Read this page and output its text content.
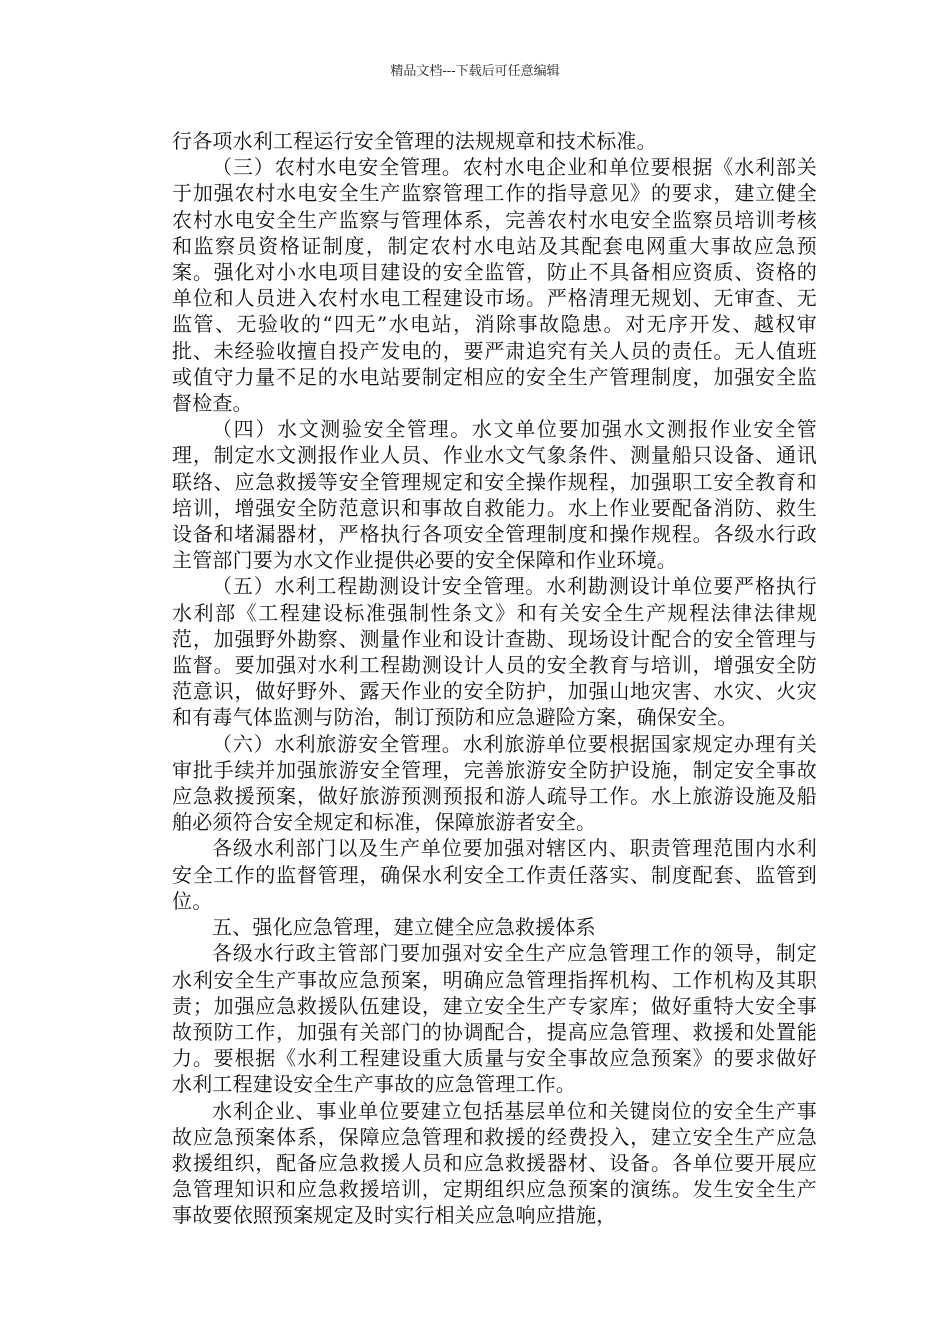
精品文档---下载后可任意编辑

行各项水利工程运行安全管理的法规规章和技术标准。

（三）农村水电安全管理。农村水电企业和单位要根据《水利部关于加强农村水电安全生产监察管理工作的指导意见》的要求，建立健全农村水电安全生产监察与管理体系，完善农村水电安全监察员培训考核和监察员资格证制度，制定农村水电站及其配套电网重大事故应急预案。强化对小水电项目建设的安全监管，防止不具备相应资质、资格的单位和人员进入农村水电工程建设市场。严格清理无规划、无审查、无监管、无验收的“四无”水电站，消除事故隐患。对无序开发、越权审批、未经验收擅自投产发电的，要严肃追究有关人员的责任。无人值班或值守力量不足的水电站要制定相应的安全生产管理制度，加强安全监督检查。

（四）水文测验安全管理。水文单位要加强水文测报作业安全管理，制定水文测报作业人员、作业水文气象条件、测量船只设备、通讯联络、应急救援等安全管理规定和安全操作规程，加强职工安全教育和培训，增强安全防范意识和事故自救能力。水上作业要配备消防、救生设备和堵漏器材，严格执行各项安全管理制度和操作规程。各级水行政主管部门要为水文作业提供必要的安全保障和作业环境。

（五）水利工程勘测设计安全管理。水利勘测设计单位要严格执行水利部《工程建设标准强制性条文》和有关安全生产规程法律法律规范，加强野外勘察、测量作业和设计查勘、现场设计配合的安全管理与监督。要加强对水利工程勘测设计人员的安全教育与培训，增强安全防范意识，做好野外、露天作业的安全防护，加强山地灾害、水灾、火灾和有毒气体监测与防治，制订预防和应急避险方案，确保安全。

（六）水利旅游安全管理。水利旅游单位要根据国家规定办理有关审批手续并加强旅游安全管理，完善旅游安全防护设施，制定安全事故应急救援预案，做好旅游预测预报和游人疏导工作。水上旅游设施及船舶必须符合安全规定和标准，保障旅游者安全。

各级水利部门以及生产单位要加强对辖区内、职责管理范围内水利安全工作的监督管理，确保水利安全工作责任落实、制度配套、监管到位。

五、强化应急管理，建立健全应急救援体系

各级水行政主管部门要加强对安全生产应急管理工作的领导，制定水利安全生产事故应急预案，明确应急管理指挥机构、工作机构及其职责；加强应急救援队伍建设，建立安全生产专家库；做好重特大安全事故预防工作，加强有关部门的协调配合，提高应急管理、救援和处置能力。要根据《水利工程建设重大质量与安全事故应急预案》的要求做好水利工程建设安全生产事故的应急管理工作。

水利企业、事业单位要建立包括基层单位和关键岗位的安全生产事故应急预案体系，保障应急管理和救援的经费投入，建立安全生产应急救援组织，配备应急救援人员和应急救援器材、设备。各单位要开展应急管理知识和应急救援培训，定期组织应急预案的演练。发生安全生产事故要依照预案规定及时实行相关应急响应措施，
